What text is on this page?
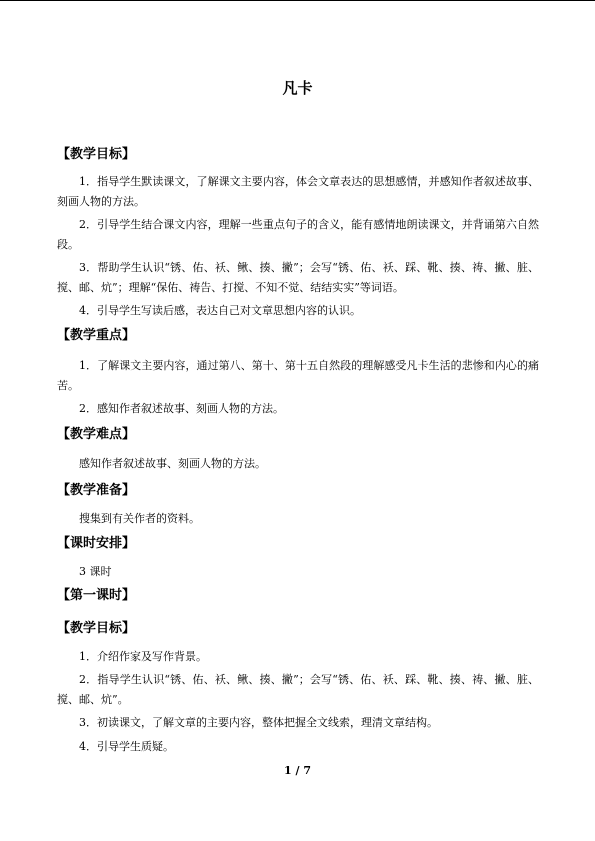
凡卡
【教学目标】

1．指导学生默读课文，了解课文主要内容，体会文章表达的思想感情，并感知作者叙述故事、刻画人物的方法。

2．引导学生结合课文内容，理解一些重点句子的含义，能有感情地朗读课文，并背诵第六自然段。

3．帮助学生认识“锈、佑、袄、鳅、揍、撇”；会写“锈、佑、袄、踩、靴、揍、祷、撇、脏、搅、邮、炕”；理解“保佑、祷告、打搅、不知不觉、结结实实”等词语。

4．引导学生写读后感，表达自己对文章思想内容的认识。

【教学重点】

1．了解课文主要内容，通过第八、第十、第十五自然段的理解感受凡卡生活的悲惨和内心的痛苦。

2．感知作者叙述故事、刻画人物的方法。

【教学难点】

感知作者叙述故事、刻画人物的方法。

【教学准备】

搜集到有关作者的资料。

【课时安排】

3 课时

【第一课时】
【教学目标】

1．介绍作家及写作背景。

2．指导学生认识“锈、佑、袄、鳅、揍、撇”；会写“锈、佑、袄、踩、靴、揍、祷、撇、脏、搅、邮、炕”。

3．初读课文，了解文章的主要内容，整体把握全文线索，理清文章结构。

4．引导学生质疑。

1 / 7
